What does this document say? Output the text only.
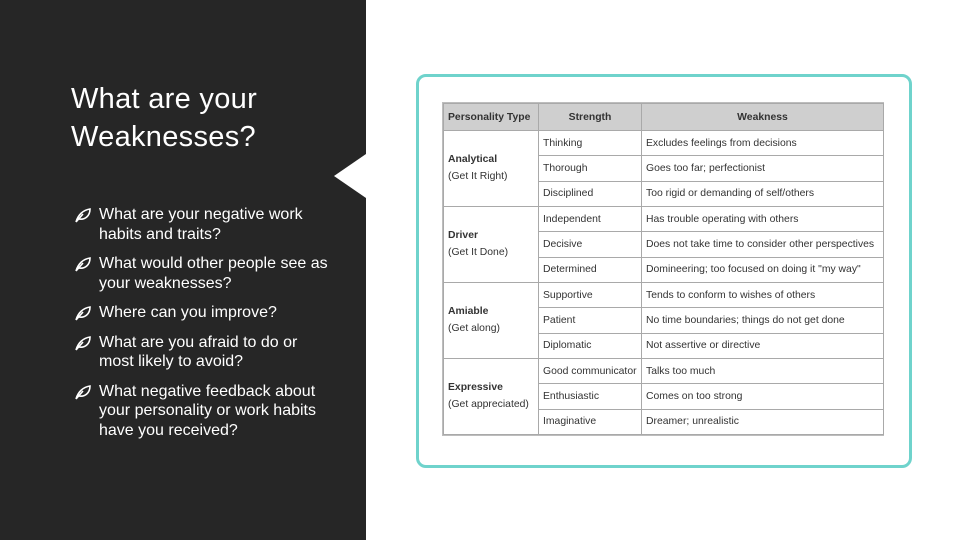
What are your
Weaknesses?
What are your negative work habits and traits?
What would other people see as your weaknesses?
Where can you improve?
What are you afraid to do or most likely to avoid?
What negative feedback about your personality or work habits have you received?
Personality Type	Strength	Weakness

Analytical
(Get It Right)	Thinking	Excludes feelings from decisions
	Thorough	Goes too far; perfectionist
	Disciplined	Too rigid or demanding of self/others

Driver
(Get It Done)	Independent	Has trouble operating with others
	Decisive	Does not take time to consider other perspectives
	Determined	Domineering; too focused on doing it "my way"

Amiable
(Get along)	Supportive	Tends to conform to wishes of others
	Patient	No time boundaries; things do not get done
	Diplomatic	Not assertive or directive

Expressive
(Get appreciated)	Good communicator	Talks too much
	Enthusiastic	Comes on too strong
	Imaginative	Dreamer; unrealistic
